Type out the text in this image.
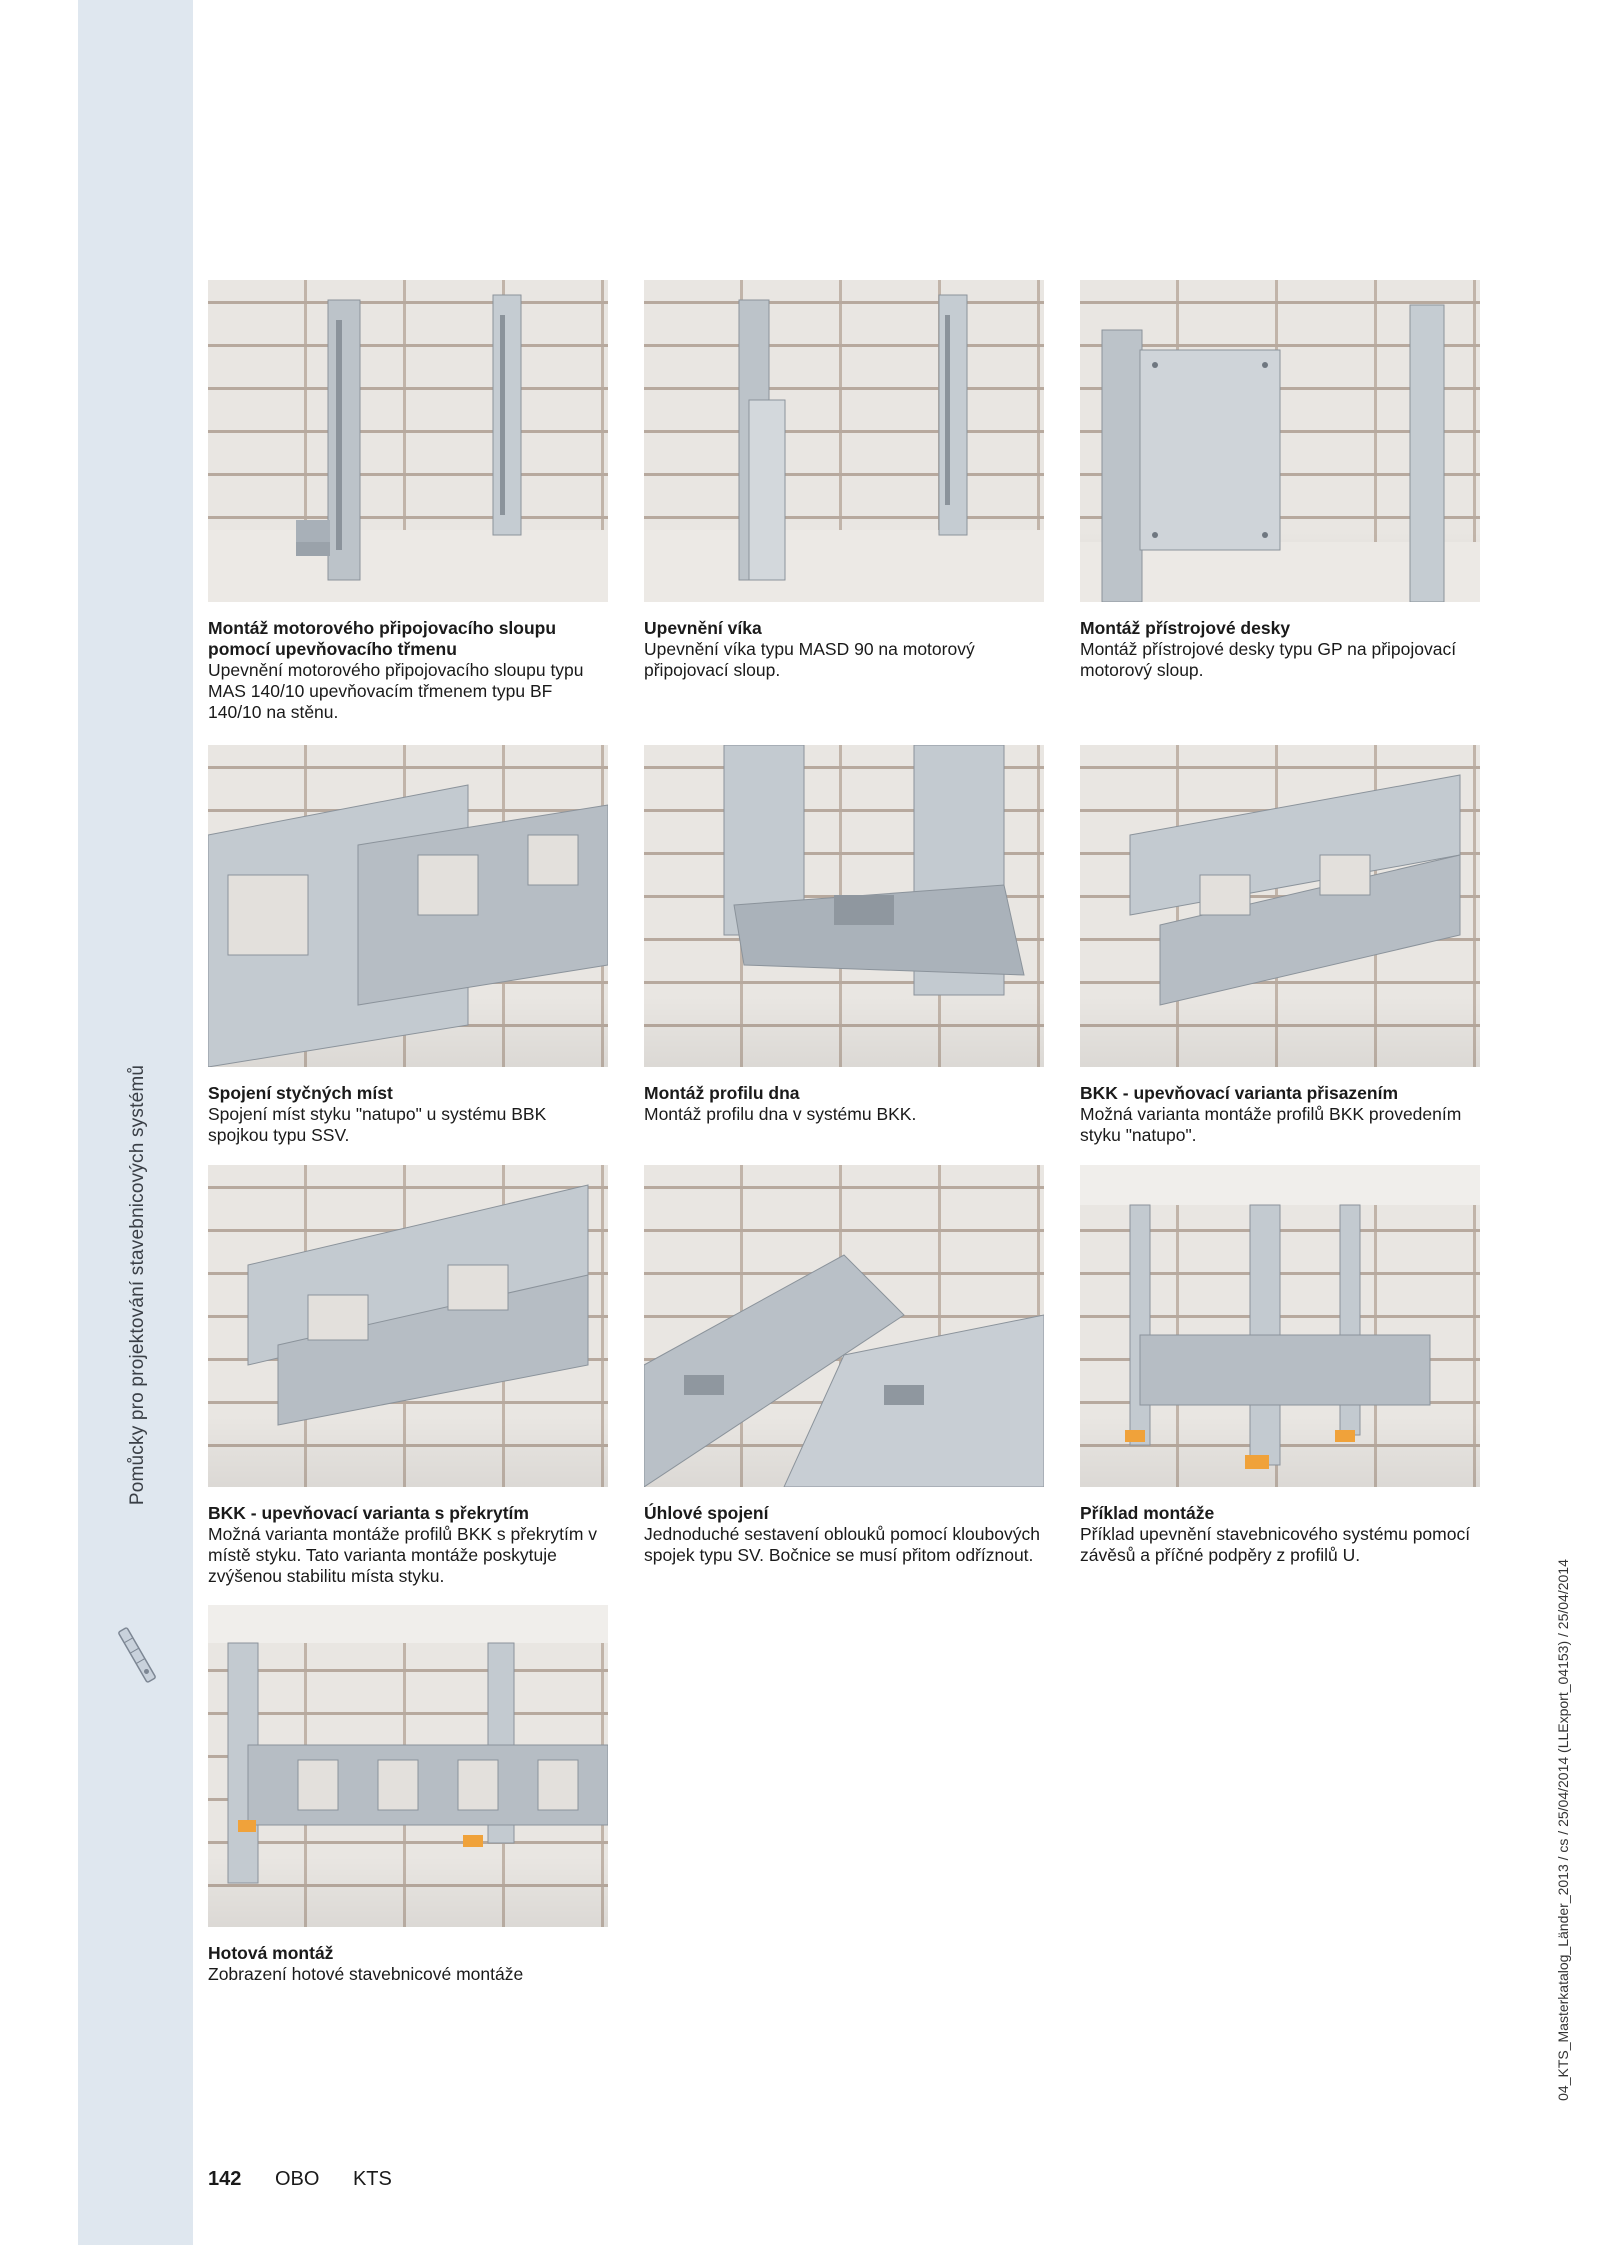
Pomůcky pro projektování stavebnicových systémů
04_KTS_Masterkatalog_Länder_2013 / cs / 25/04/2014 (LLExport_04153) / 25/04/2014
Montáž motorového připojovacího sloupu pomocí upevňovacího třmenu
Upevnění motorového připojovacího sloupu typu MAS 140/10 upevňovacím třmenem typu BF 140/10 na stěnu.
Upevnění víka
Upevnění víka typu MASD 90 na motorový připojovací sloup.
Montáž přístrojové desky
Montáž přístrojové desky typu GP na připojovací motorový sloup.
Spojení styčných míst
Spojení míst styku "natupo" u systému BBK spojkou typu SSV.
Montáž profilu dna
Montáž profilu dna v systému BKK.
BKK - upevňovací varianta přisazením
Možná varianta montáže profilů BKK provedením styku "natupo".
BKK - upevňovací varianta s překrytím
Možná varianta montáže profilů BKK s překrytím v místě styku. Tato varianta montáže poskytuje zvýšenou stabilitu místa styku.
Úhlové spojení
Jednoduché sestavení oblouků pomocí kloubových spojek typu SV. Bočnice se musí přitom odříznout.
Příklad montáže
Příklad upevnění stavebnicového systému pomocí závěsů a příčné podpěry z profilů U.
Hotová montáž
Zobrazení hotové stavebnicové montáže
142 OBO KTS
